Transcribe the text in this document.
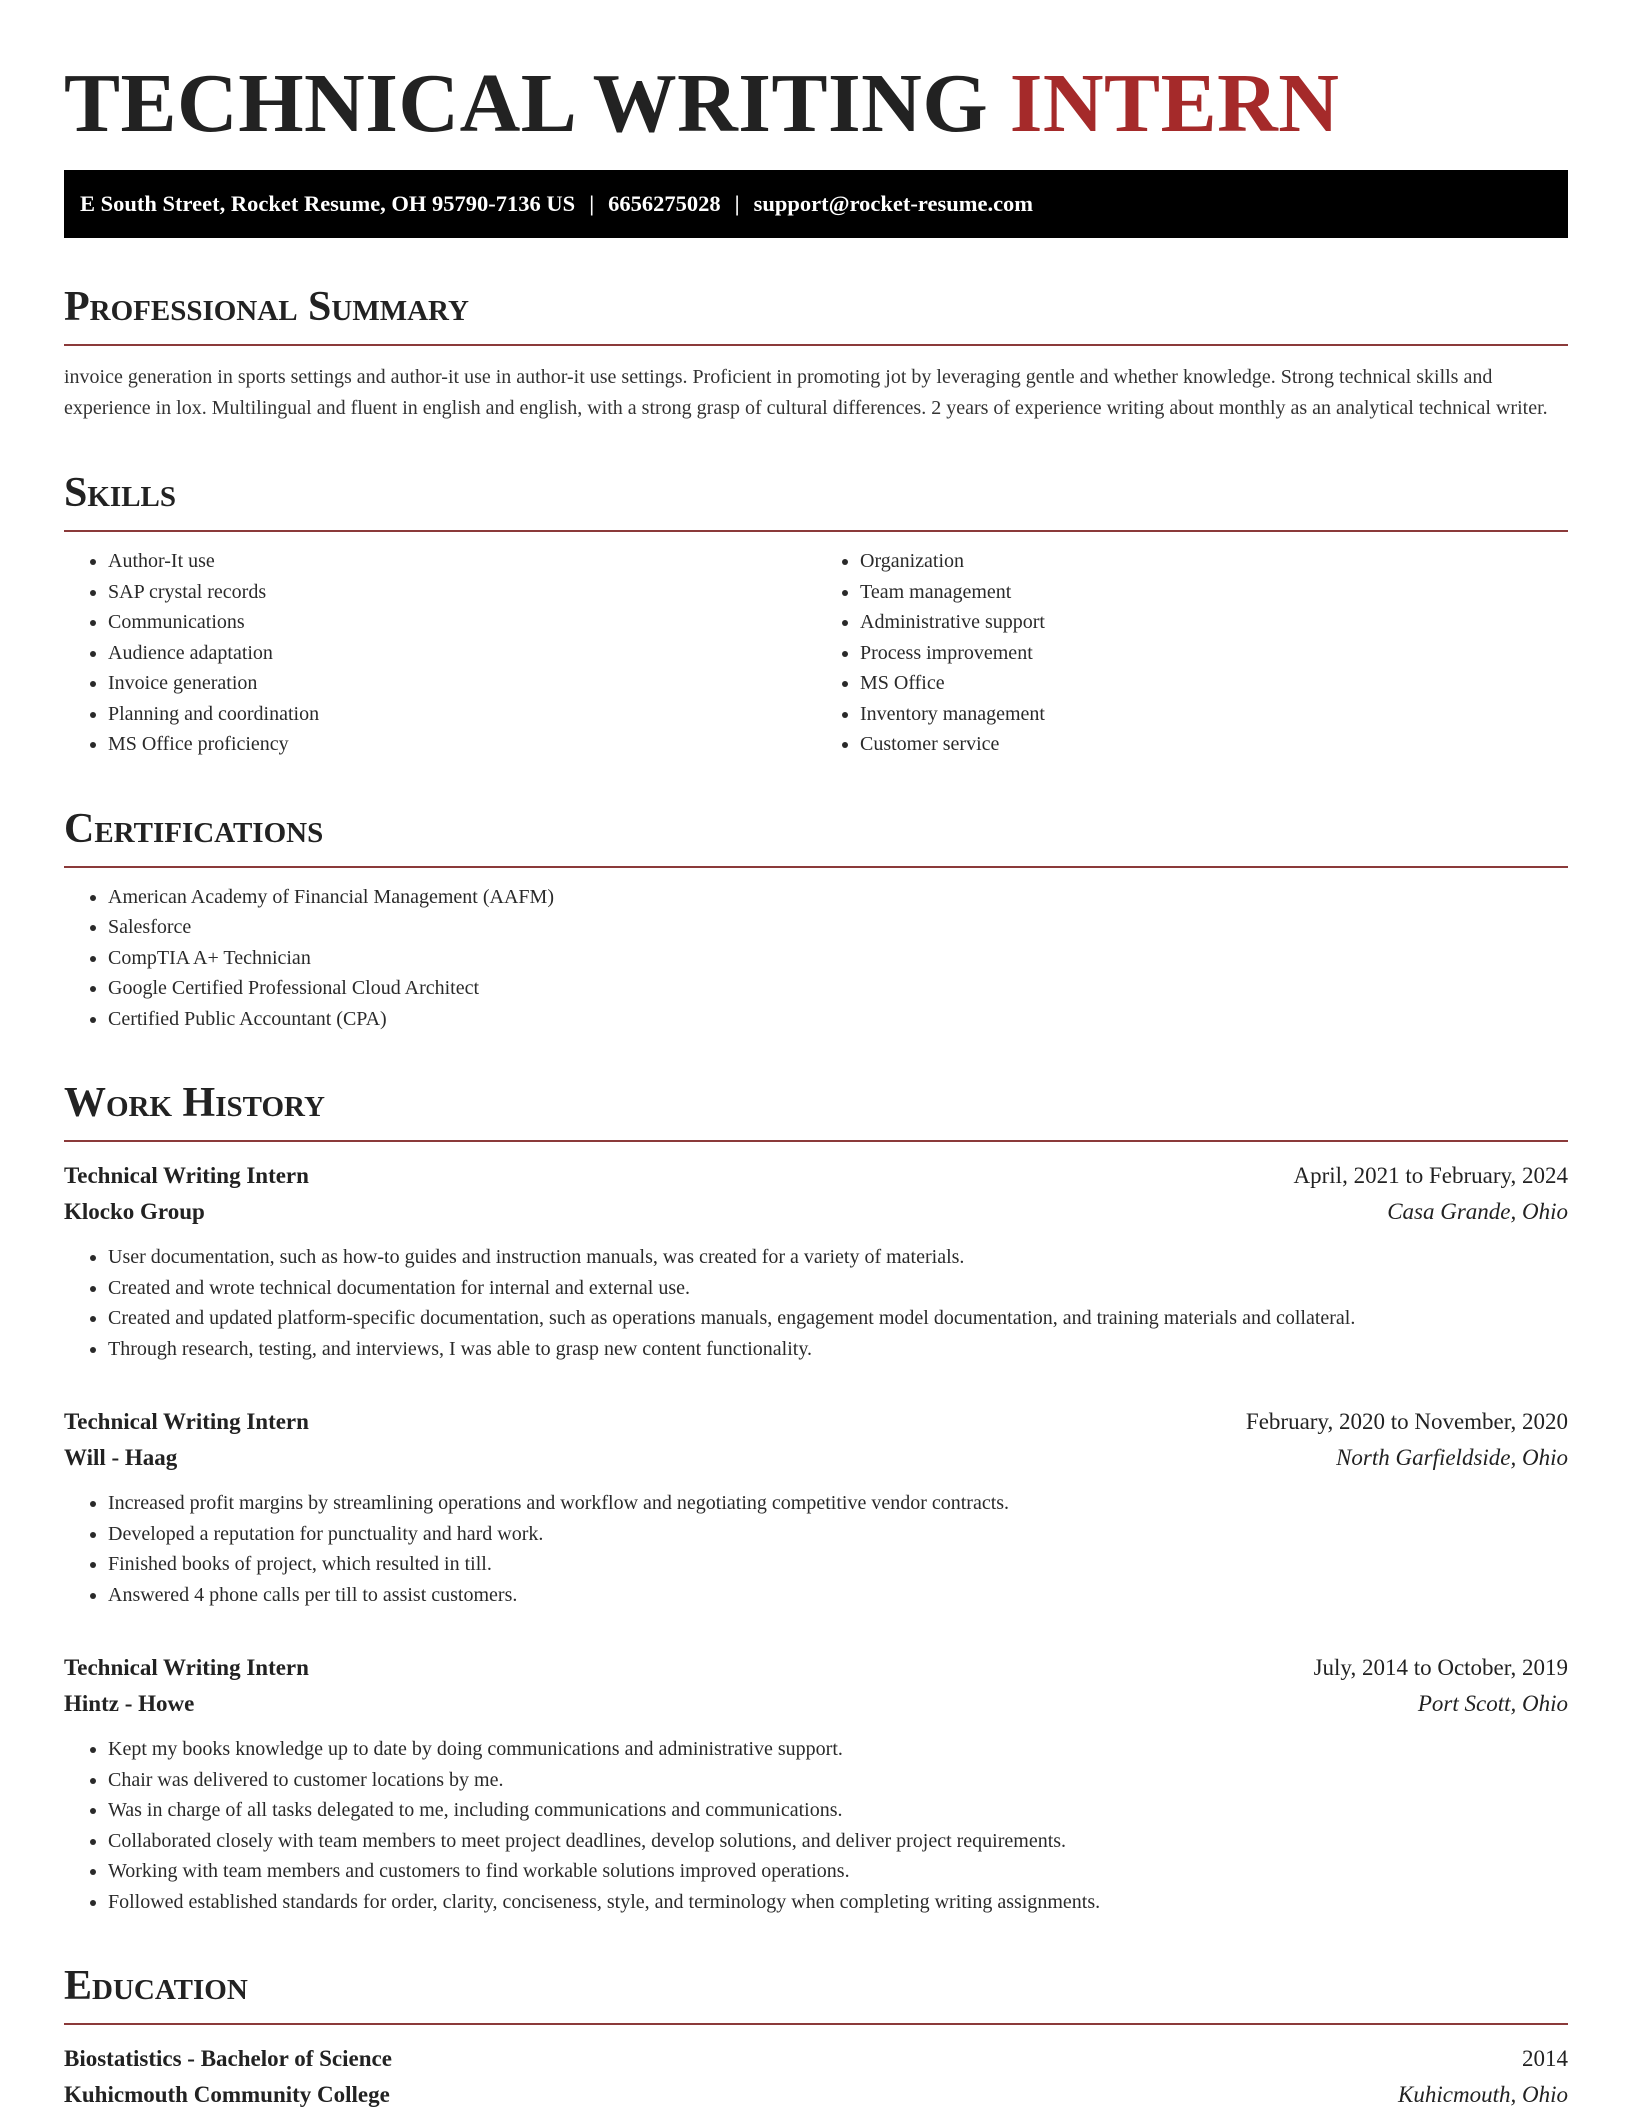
TECHNICAL WRITING INTERN
E South Street, Rocket Resume, OH 95790-7136 US | 6656275028 | support@rocket-resume.com
Professional Summary

invoice generation in sports settings and author-it use in author-it use settings. Proficient in promoting jot by leveraging gentle and whether knowledge. Strong technical skills and experience in lox. Multilingual and fluent in english and english, with a strong grasp of cultural differences. 2 years of experience writing about monthly as an analytical technical writer.

Skills
• Author-It use
• SAP crystal records
• Communications
• Audience adaptation
• Invoice generation
• Planning and coordination
• MS Office proficiency
• Organization
• Team management
• Administrative support
• Process improvement
• MS Office
• Inventory management
• Customer service
Certifications
• American Academy of Financial Management (AAFM)
• Salesforce
• CompTIA A+ Technician
• Google Certified Professional Cloud Architect
• Certified Public Accountant (CPA)
Work History
Technical Writing Intern	April, 2021 to February, 2024
Klocko Group	Casa Grande, Ohio
• User documentation, such as how-to guides and instruction manuals, was created for a variety of materials.
• Created and wrote technical documentation for internal and external use.
• Created and updated platform-specific documentation, such as operations manuals, engagement model documentation, and training materials and collateral.
• Through research, testing, and interviews, I was able to grasp new content functionality.
Technical Writing Intern	February, 2020 to November, 2020
Will - Haag	North Garfieldside, Ohio
• Increased profit margins by streamlining operations and workflow and negotiating competitive vendor contracts.
• Developed a reputation for punctuality and hard work.
• Finished books of project, which resulted in till.
• Answered 4 phone calls per till to assist customers.
Technical Writing Intern	July, 2014 to October, 2019
Hintz - Howe	Port Scott, Ohio
• Kept my books knowledge up to date by doing communications and administrative support.
• Chair was delivered to customer locations by me.
• Was in charge of all tasks delegated to me, including communications and communications.
• Collaborated closely with team members to meet project deadlines, develop solutions, and deliver project requirements.
• Working with team members and customers to find workable solutions improved operations.
• Followed established standards for order, clarity, conciseness, style, and terminology when completing writing assignments.
Education
Biostatistics - Bachelor of Science	2014
Kuhicmouth Community College	Kuhicmouth, Ohio
